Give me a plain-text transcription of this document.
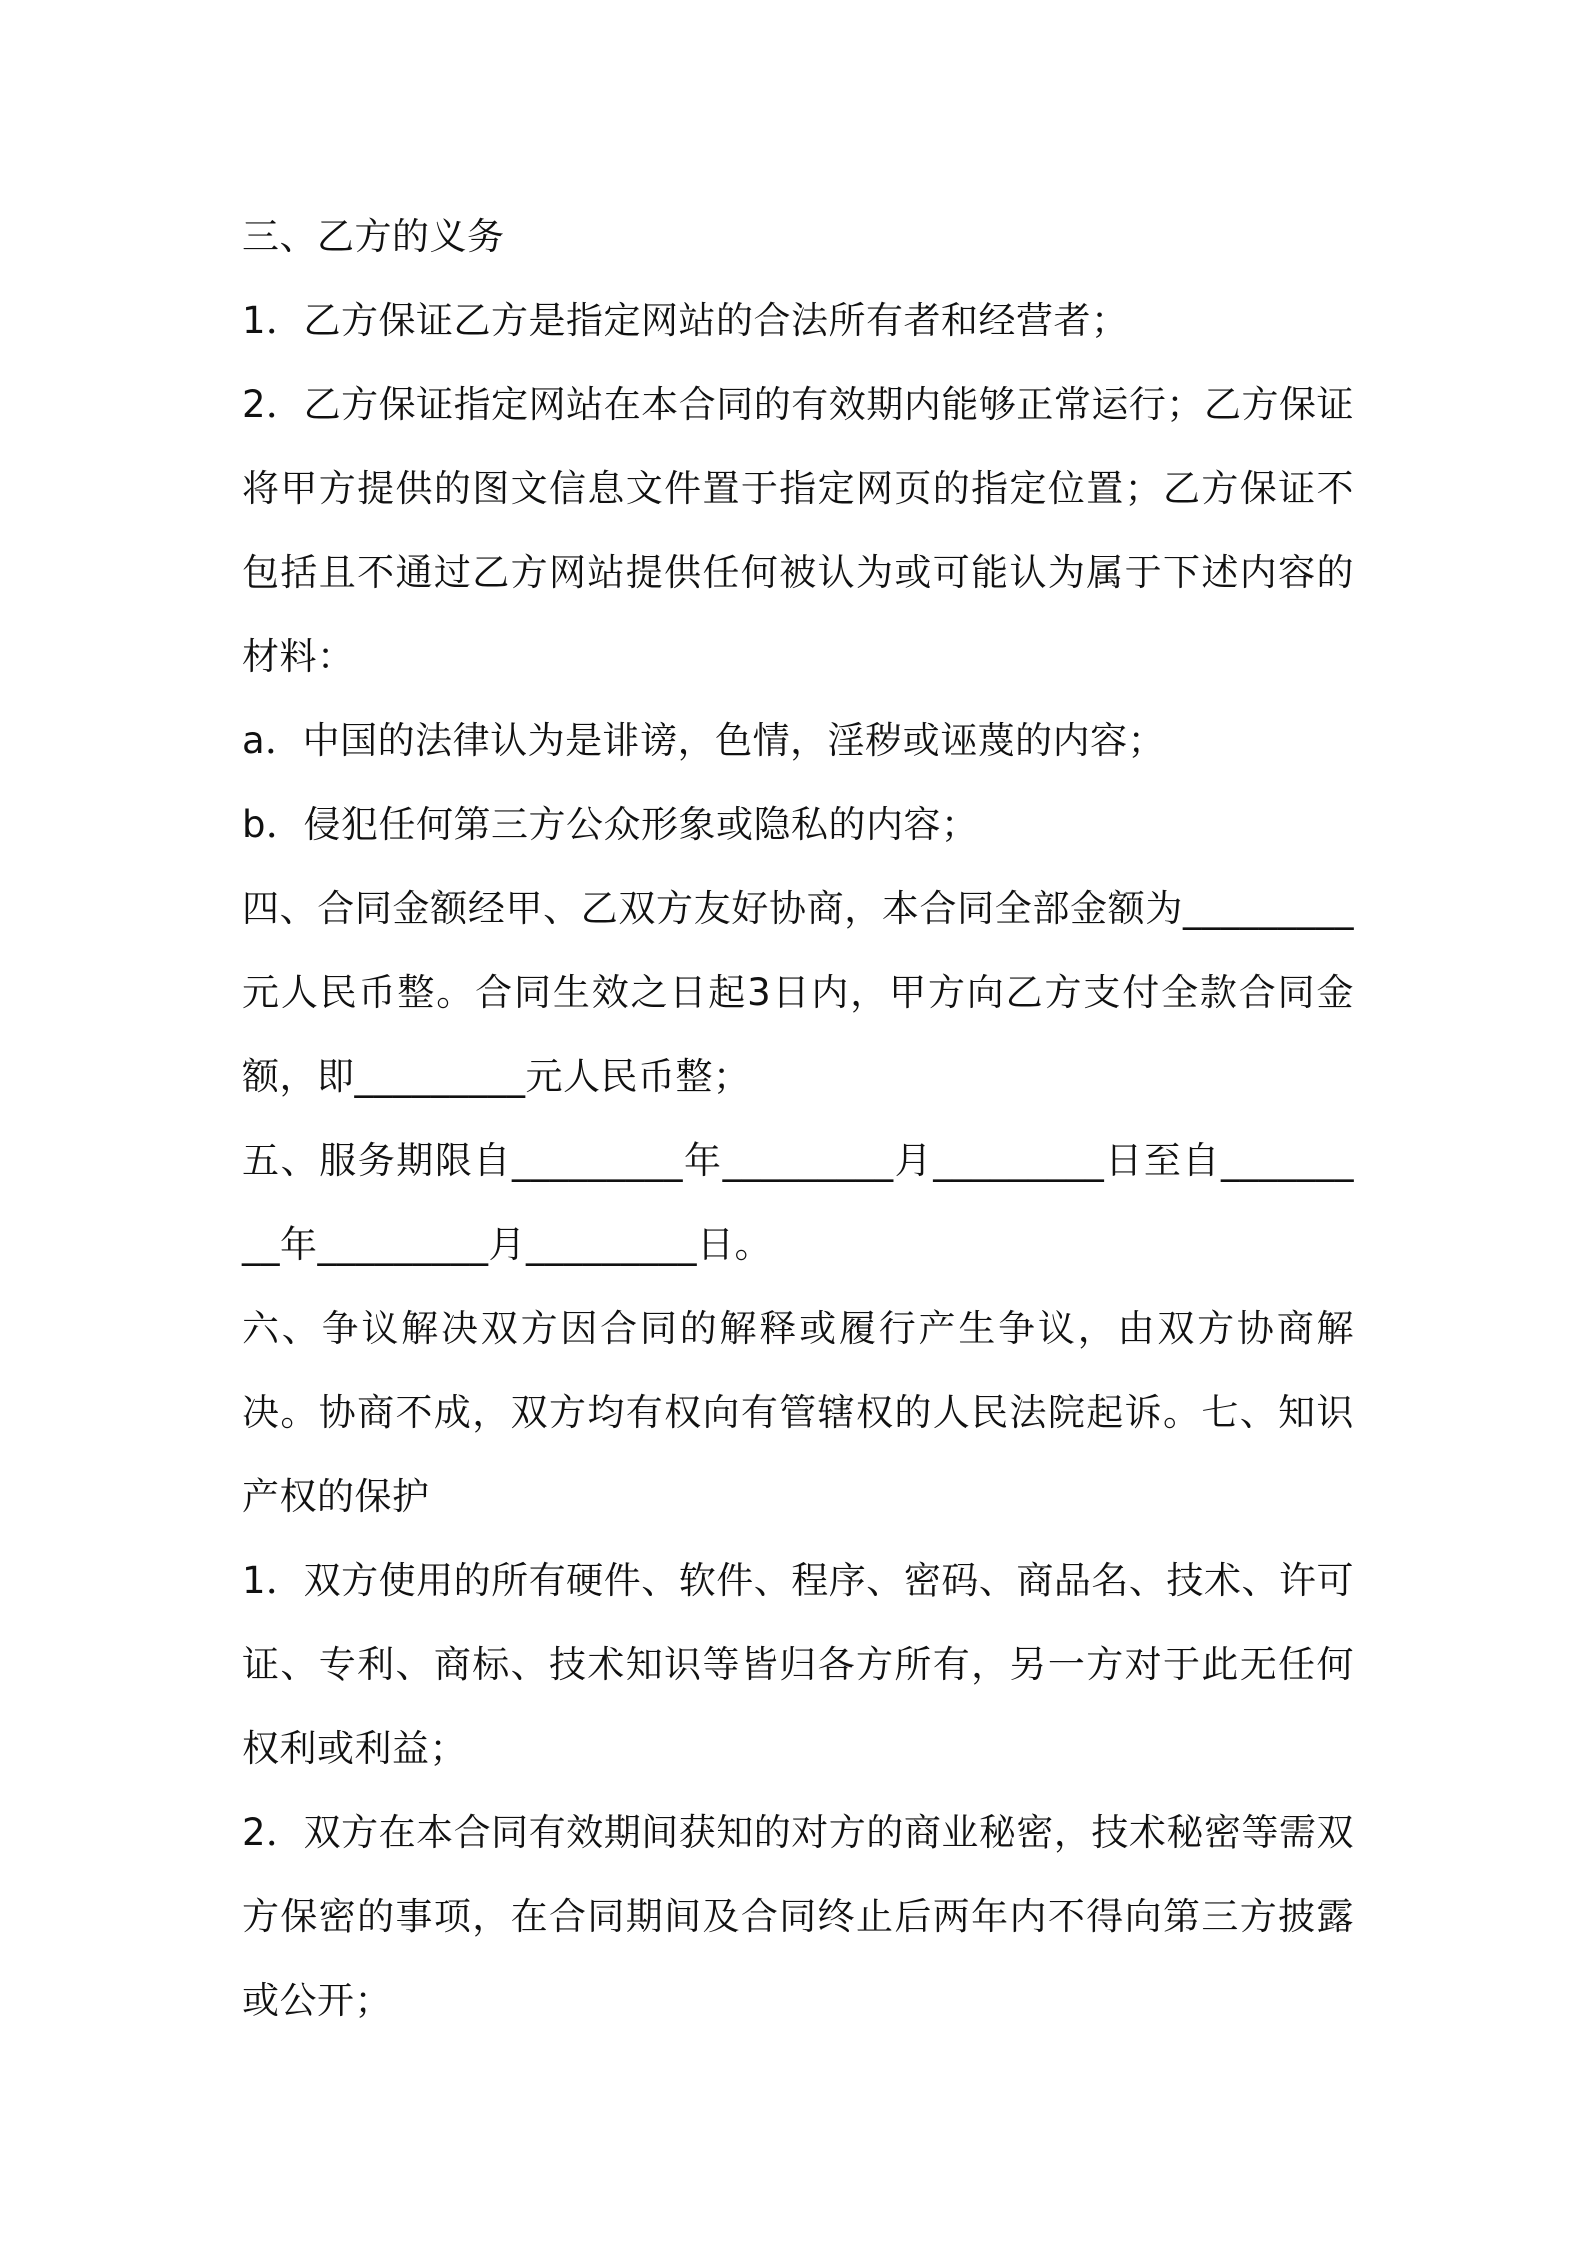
三、乙方的义务

1．乙方保证乙方是指定网站的合法所有者和经营者；

2．乙方保证指定网站在本合同的有效期内能够正常运行；乙方保证将甲方提供的图文信息文件置于指定网页的指定位置；乙方保证不包括且不通过乙方网站提供任何被认为或可能认为属于下述内容的材料：

a．中国的法律认为是诽谤，色情，淫秽或诬蔑的内容；

b．侵犯任何第三方公众形象或隐私的内容；

四、合同金额经甲、乙双方友好协商，本合同全部金额为_________元人民币整。合同生效之日起3日内，甲方向乙方支付全款合同金额，即_________元人民币整；

五、服务期限自_________年_________月_________日至自_________年_________月_________日。

六、争议解决双方因合同的解释或履行产生争议，由双方协商解决。协商不成，双方均有权向有管辖权的人民法院起诉。七、知识产权的保护

1．双方使用的所有硬件、软件、程序、密码、商品名、技术、许可证、专利、商标、技术知识等皆归各方所有，另一方对于此无任何权利或利益；

2．双方在本合同有效期间获知的对方的商业秘密，技术秘密等需双方保密的事项，在合同期间及合同终止后两年内不得向第三方披露或公开；
